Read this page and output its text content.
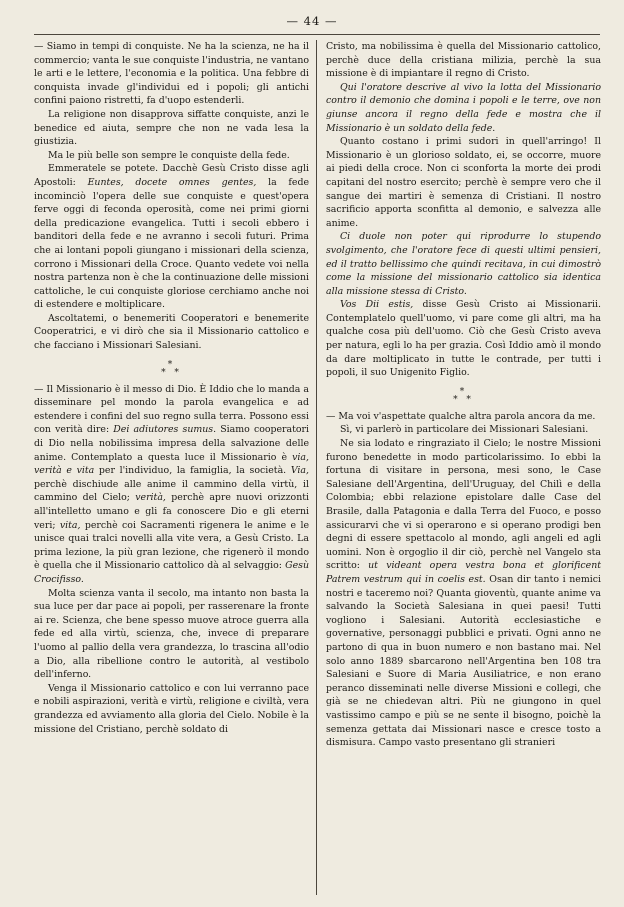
— 44 —

— Siamo in tempi di conquiste. Ne ha la scienza, ne ha il commercio; vanta le sue conquiste l'industria, ne vantano le arti e le lettere, l'economia e la politica. Una febbre di conquista invade gl'individui ed i popoli; gli antichi confini paiono ristretti, fa d'uopo estenderli.

La religione non disapprova siffatte conquiste, anzi le benedice ed aiuta, sempre che non ne vada lesa la giustizia.

Ma le più belle son sempre le conquiste della fede.

Emmeratele se potete. Dacchè Gesù Cristo disse agli Apostoli: Euntes, docete omnes gentes, la fede incominciò l'opera delle sue conquiste e quest'opera ferve oggi di feconda operosità, come nei primi giorni della predicazione evangelica. Tutti i secoli ebbero i banditori della fede e ne avranno i secoli futuri. Prima che ai lontani popoli giungano i missionari della scienza, corrono i Missionari della Croce. Quanto vedete voi nella nostra partenza non è che la continuazione delle missioni cattoliche, le cui conquiste gloriose cerchiamo anche noi di estendere e moltiplicare.

Ascoltatemi, o benemeriti Cooperatori e benemerite Cooperatrici, e vi dirò che sia il Missionario cattolico e che facciano i Missionari Salesiani.

*
* *

— Il Missionario è il messo di Dio. È Iddio che lo manda a disseminare pel mondo la parola evangelica e ad estendere i confini del suo regno sulla terra. Possono essi con verità dire: Dei adiutores sumus. Siamo cooperatori di Dio nella nobilissima impresa della salvazione delle anime. Contemplato a questa luce il Missionario è via, verità e vita per l'individuo, la famiglia, la società. Via, perchè dischiude alle anime il cammino della virtù, il cammino del Cielo; verità, perchè apre nuovi orizzonti all'intelletto umano e gli fa conoscere Dio e gli eterni veri; vita, perchè coi Sacramenti rigenera le anime e le unisce quai tralci novelli alla vite vera, a Gesù Cristo. La prima lezione, la più gran lezione, che rigenerò il mondo è quella che il Missionario cattolico dà al selvaggio: Gesù Crocifisso.

Molta scienza vanta il secolo, ma intanto non basta la sua luce per dar pace ai popoli, per rasserenare la fronte ai re. Scienza, che bene spesso muove atroce guerra alla fede ed alla virtù, scienza, che, invece di preparare l'uomo al pallio della vera grandezza, lo trascina all'odio a Dio, alla ribellione contro le autorità, al vestibolo dell'inferno.

Venga il Missionario cattolico e con lui verranno pace e nobili aspirazioni, verità e virtù, religione e civiltà, vera grandezza ed avviamento alla gloria del Cielo. Nobile è la missione del Cristiano, perchè soldato di

Cristo, ma nobilissima è quella del Missionario cattolico, perchè duce della cristiana milizia, perchè la sua missione è di impiantare il regno di Cristo.

Qui l'oratore descrive al vivo la lotta del Missionario contro il demonio che domina i popoli e le terre, ove non giunse ancora il regno della fede e mostra che il Missionario è un soldato della fede.

Quanto costano i primi sudori in quell'arringo! Il Missionario è un glorioso soldato, ei, se occorre, muore ai piedi della croce. Non ci sconforta la morte dei prodi capitani del nostro esercito; perchè è sempre vero che il sangue dei martiri è semenza di Cristiani. Il nostro sacrificio apporta sconfitta al demonio, e salvezza alle anime.

Ci duole non poter qui riprodurre lo stupendo svolgimento, che l'oratore fece di questi ultimi pensieri, ed il tratto bellissimo che quindi recitava, in cui dimostrò come la missione del missionario cattolico sia identica alla missione stessa di Cristo.

Vos Dii estis, disse Gesù Cristo ai Missionarii. Contemplatelo quell'uomo, vi pare come gli altri, ma ha qualche cosa più dell'uomo. Ciò che Gesù Cristo aveva per natura, egli lo ha per grazia. Così Iddio amò il mondo da dare moltiplicato in tutte le contrade, per tutti i popoli, il suo Unigenito Figlio.

*
* *

— Ma voi v'aspettate qualche altra parola ancora da me.

Sì, vi parlerò in particolare dei Missionari Salesiani.

Ne sia lodato e ringraziato il Cielo; le nostre Missioni furono benedette in modo particolarissimo. Io ebbi la fortuna di visitare in persona, mesi sono, le Case Salesiane dell'Argentina, dell'Uruguay, del Chilì e della Colombia; ebbi relazione epistolare dalle Case del Brasile, dalla Patagonia e dalla Terra del Fuoco, e posso assicurarvi che vi si operarono e si operano prodigi ben degni di essere spettacolo al mondo, agli angeli ed agli uomini. Non è orgoglio il dir ciò, perchè nel Vangelo sta scritto: ut videant opera vestra bona et glorificent Patrem vestrum qui in coelis est. Osan dir tanto i nemici nostri e taceremo noi? Quanta gioventù, quante anime va salvando la Società Salesiana in quei paesi! Tutti vogliono i Salesiani. Autorità ecclesiastiche e governative, personaggi pubblici e privati. Ogni anno ne partono di qua in buon numero e non bastano mai. Nel solo anno 1889 sbarcarono nell'Argentina ben 108 tra Salesiani e Suore di Maria Ausiliatrice, e non erano peranco disseminati nelle diverse Missioni e collegi, che già se ne chiedevan altri. Più ne giungono in quel vastissimo campo e più se ne sente il bisogno, poichè la semenza gettata dai Missionari nasce e cresce tosto a dismisura. Campo vasto presentano gli stranieri
